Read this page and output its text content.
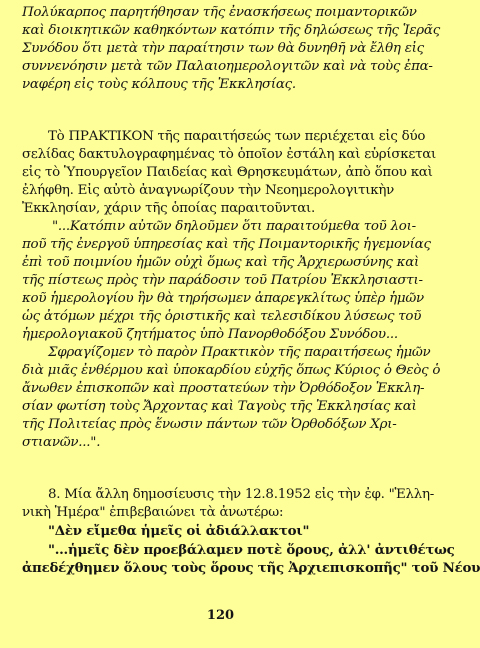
Πολύκαρπος παρητήθησαν τῆς ἐνασκήσεως ποιμαντορικῶν
καὶ διοικητικῶν καθηκόντων κατόπιν τῆς δηλώσεως τῆς Ἱερᾶς
Συνόδου ὅτι μετὰ τὴν παραίτησιν των θὰ δυνηθῆ νὰ ἔλθη εἰς
συννενόησιν μετὰ τῶν Παλαιοημερολογιτῶν καὶ νὰ τοὺς ἐπα-
ναφέρη εἰς τοὺς κόλπους τῆς Ἐκκλησίας.
Τὸ ΠΡΑΚΤΙΚΟΝ τῆς παραιτήσεώς των περιέχεται εἰς δύο
σελίδας δακτυλογραφημένας τὸ ὁποῖον ἐστάλη καὶ εὑρίσκεται
εἰς τὸ Ὑπουργεῖον Παιδείας καὶ Θρησκευμάτων, ἀπὸ ὅπου καὶ
ἐλήφθη. Εἰς αὐτὸ ἀναγνωρίζουν τὴν Νεοημερολογιτικὴν
Ἐκκλησίαν, χάριν τῆς ὁποίας παραιτοῦνται.
"...Κατόπιν αὐτῶν δηλοῦμεν ὅτι παραιτούμεθα τοῦ λοι-
ποῦ τῆς ἐνεργοῦ ὑπηρεσίας καὶ τῆς Ποιμαντορικῆς ἡγεμονίας
ἐπὶ τοῦ ποιμνίου ἡμῶν οὐχὶ ὅμως καὶ τῆς Ἀρχιερωσύνης καὶ
τῆς πίστεως πρὸς τὴν παράδοσιν τοῦ Πατρίου Ἐκκλησιαστι-
κοῦ ἡμερολογίου ἣν θὰ τηρήσωμεν ἀπαρεγκλίτως ὑπὲρ ἡμῶν
ὡς ἀτόμων μέχρι τῆς ὁριστικῆς καὶ τελεσιδίκου λύσεως τοῦ
ἡμερολογιακοῦ ζητήματος ὑπὸ Πανορθοδόξου Συνόδου...
Σφραγίζομεν τὸ παρὸν Πρακτικὸν τῆς παραιτήσεως ἡμῶν
διὰ μιᾶς ἐνθέρμου καὶ ὑποκαρδίου εὐχῆς ὅπως Κύριος ὁ Θεὸς ὁ
ἄνωθεν ἐπισκοπῶν καὶ προστατεύων τὴν Ὀρθόδοξον Ἐκκλη-
σίαν φωτίση τοὺς Ἄρχοντας καὶ Ταγοὺς τῆς Ἐκκλησίας καὶ
τῆς Πολιτείας πρὸς ἕνωσιν πάντων τῶν Ὀρθοδόξων Χρι-
στιανῶν...".
8. Μία ἄλλη δημοσίευσις τὴν 12.8.1952 εἰς τὴν ἐφ. "Ἑλλη-
νικὴ Ἡμέρα" ἐπιβεβαιώνει τὰ ἀνωτέρω:
"Δὲν εἴμεθα ἡμεῖς οἱ ἀδιάλλακτοι"
"...ἡμεῖς δὲν προεβάλαμεν ποτὲ ὅρους, ἀλλ' ἀντιθέτως
ἀπεδέχθημεν ὅλους τοὺς ὅρους τῆς Ἀρχιεπισκοπῆς" τοῦ Νέου
120
